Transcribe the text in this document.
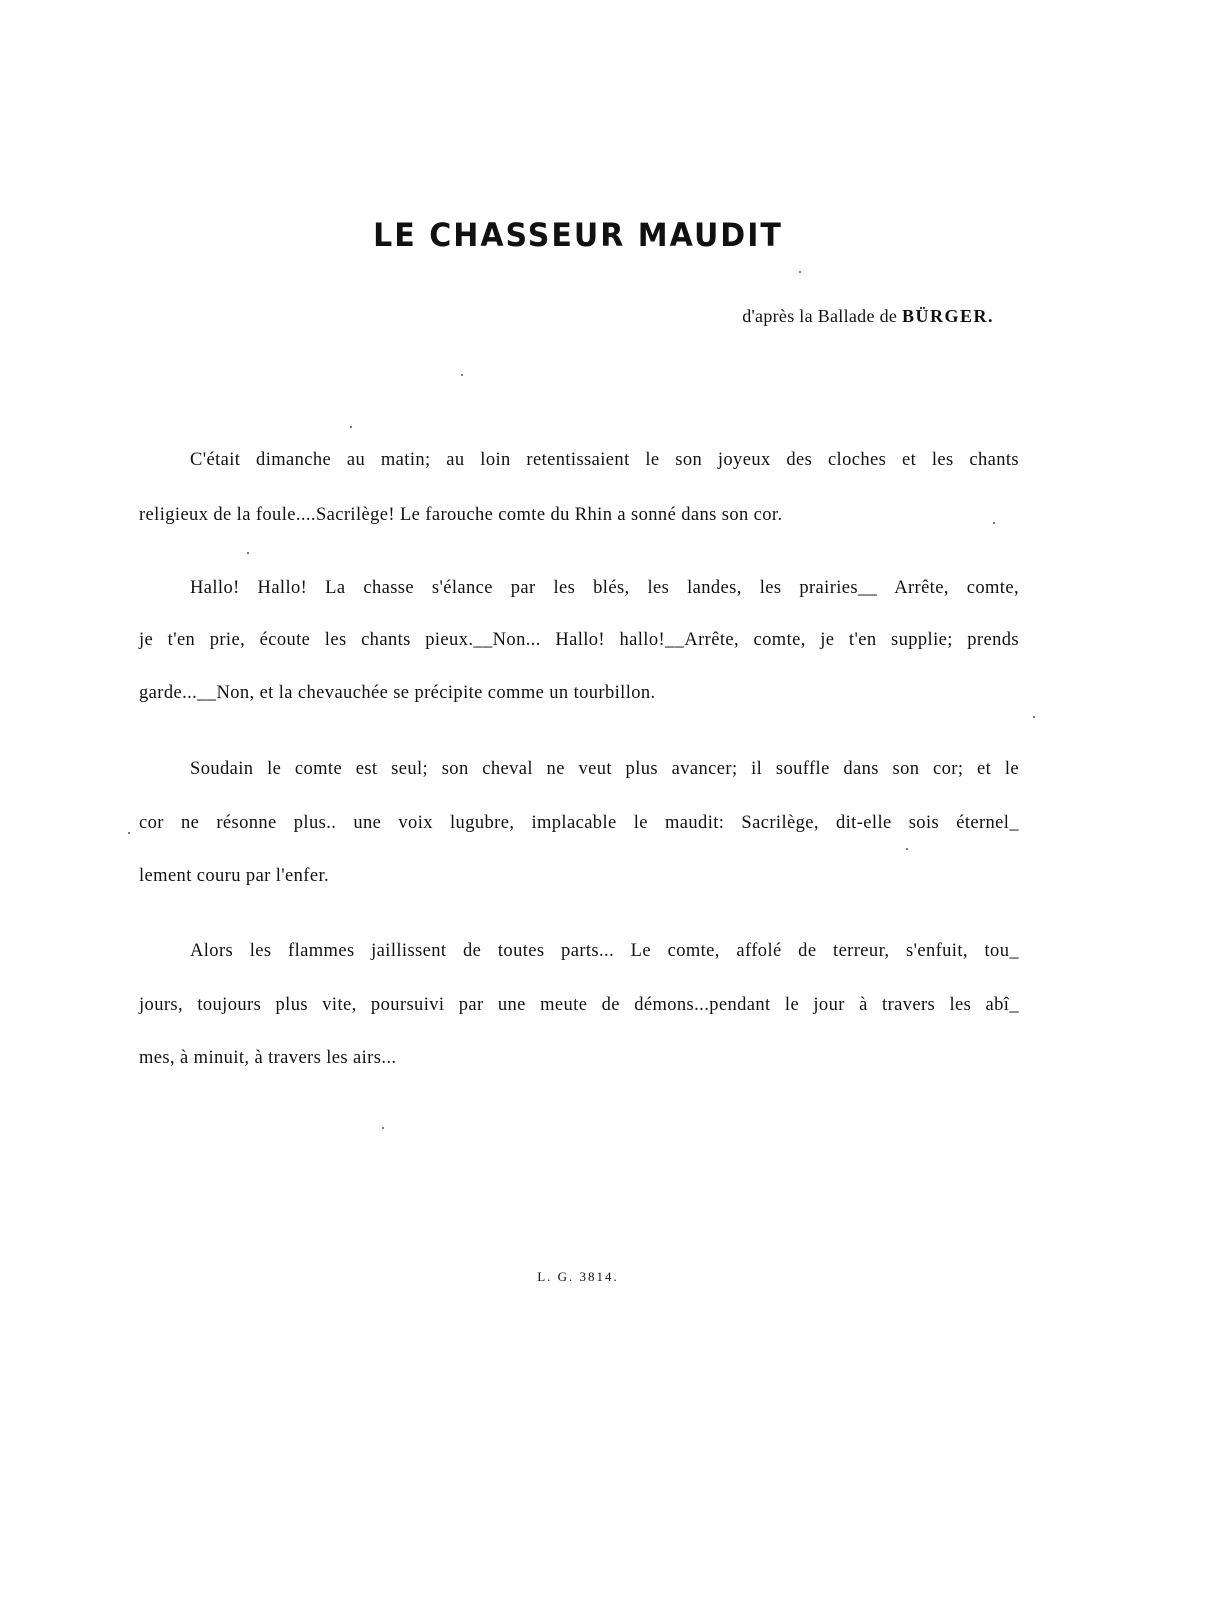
LE CHASSEUR MAUDIT
d'après la Ballade de BÜRGER.
C'était dimanche au matin; au loin retentissaient le son joyeux des cloches et les chants
religieux de la foule....Sacrilège! Le farouche comte du Rhin a sonné dans son cor.
Hallo! Hallo! La chasse s'élance par les blés, les landes, les prairies__ Arrête, comte,
je t'en prie, écoute les chants pieux.__Non... Hallo! hallo!__Arrête, comte, je t'en supplie; prends
garde...__Non, et la chevauchée se précipite comme un tourbillon.
Soudain le comte est seul; son cheval ne veut plus avancer; il souffle dans son cor; et le
cor ne résonne plus.. une voix lugubre, implacable le maudit: Sacrilège, dit-elle sois éternel_
lement couru par l'enfer.
Alors les flammes jaillissent de toutes parts... Le comte, affolé de terreur, s'enfuit, tou_
jours, toujours plus vite, poursuivi par une meute de démons...pendant le jour à travers les abî_
mes, à minuit, à travers les airs...
L. G. 3814.
